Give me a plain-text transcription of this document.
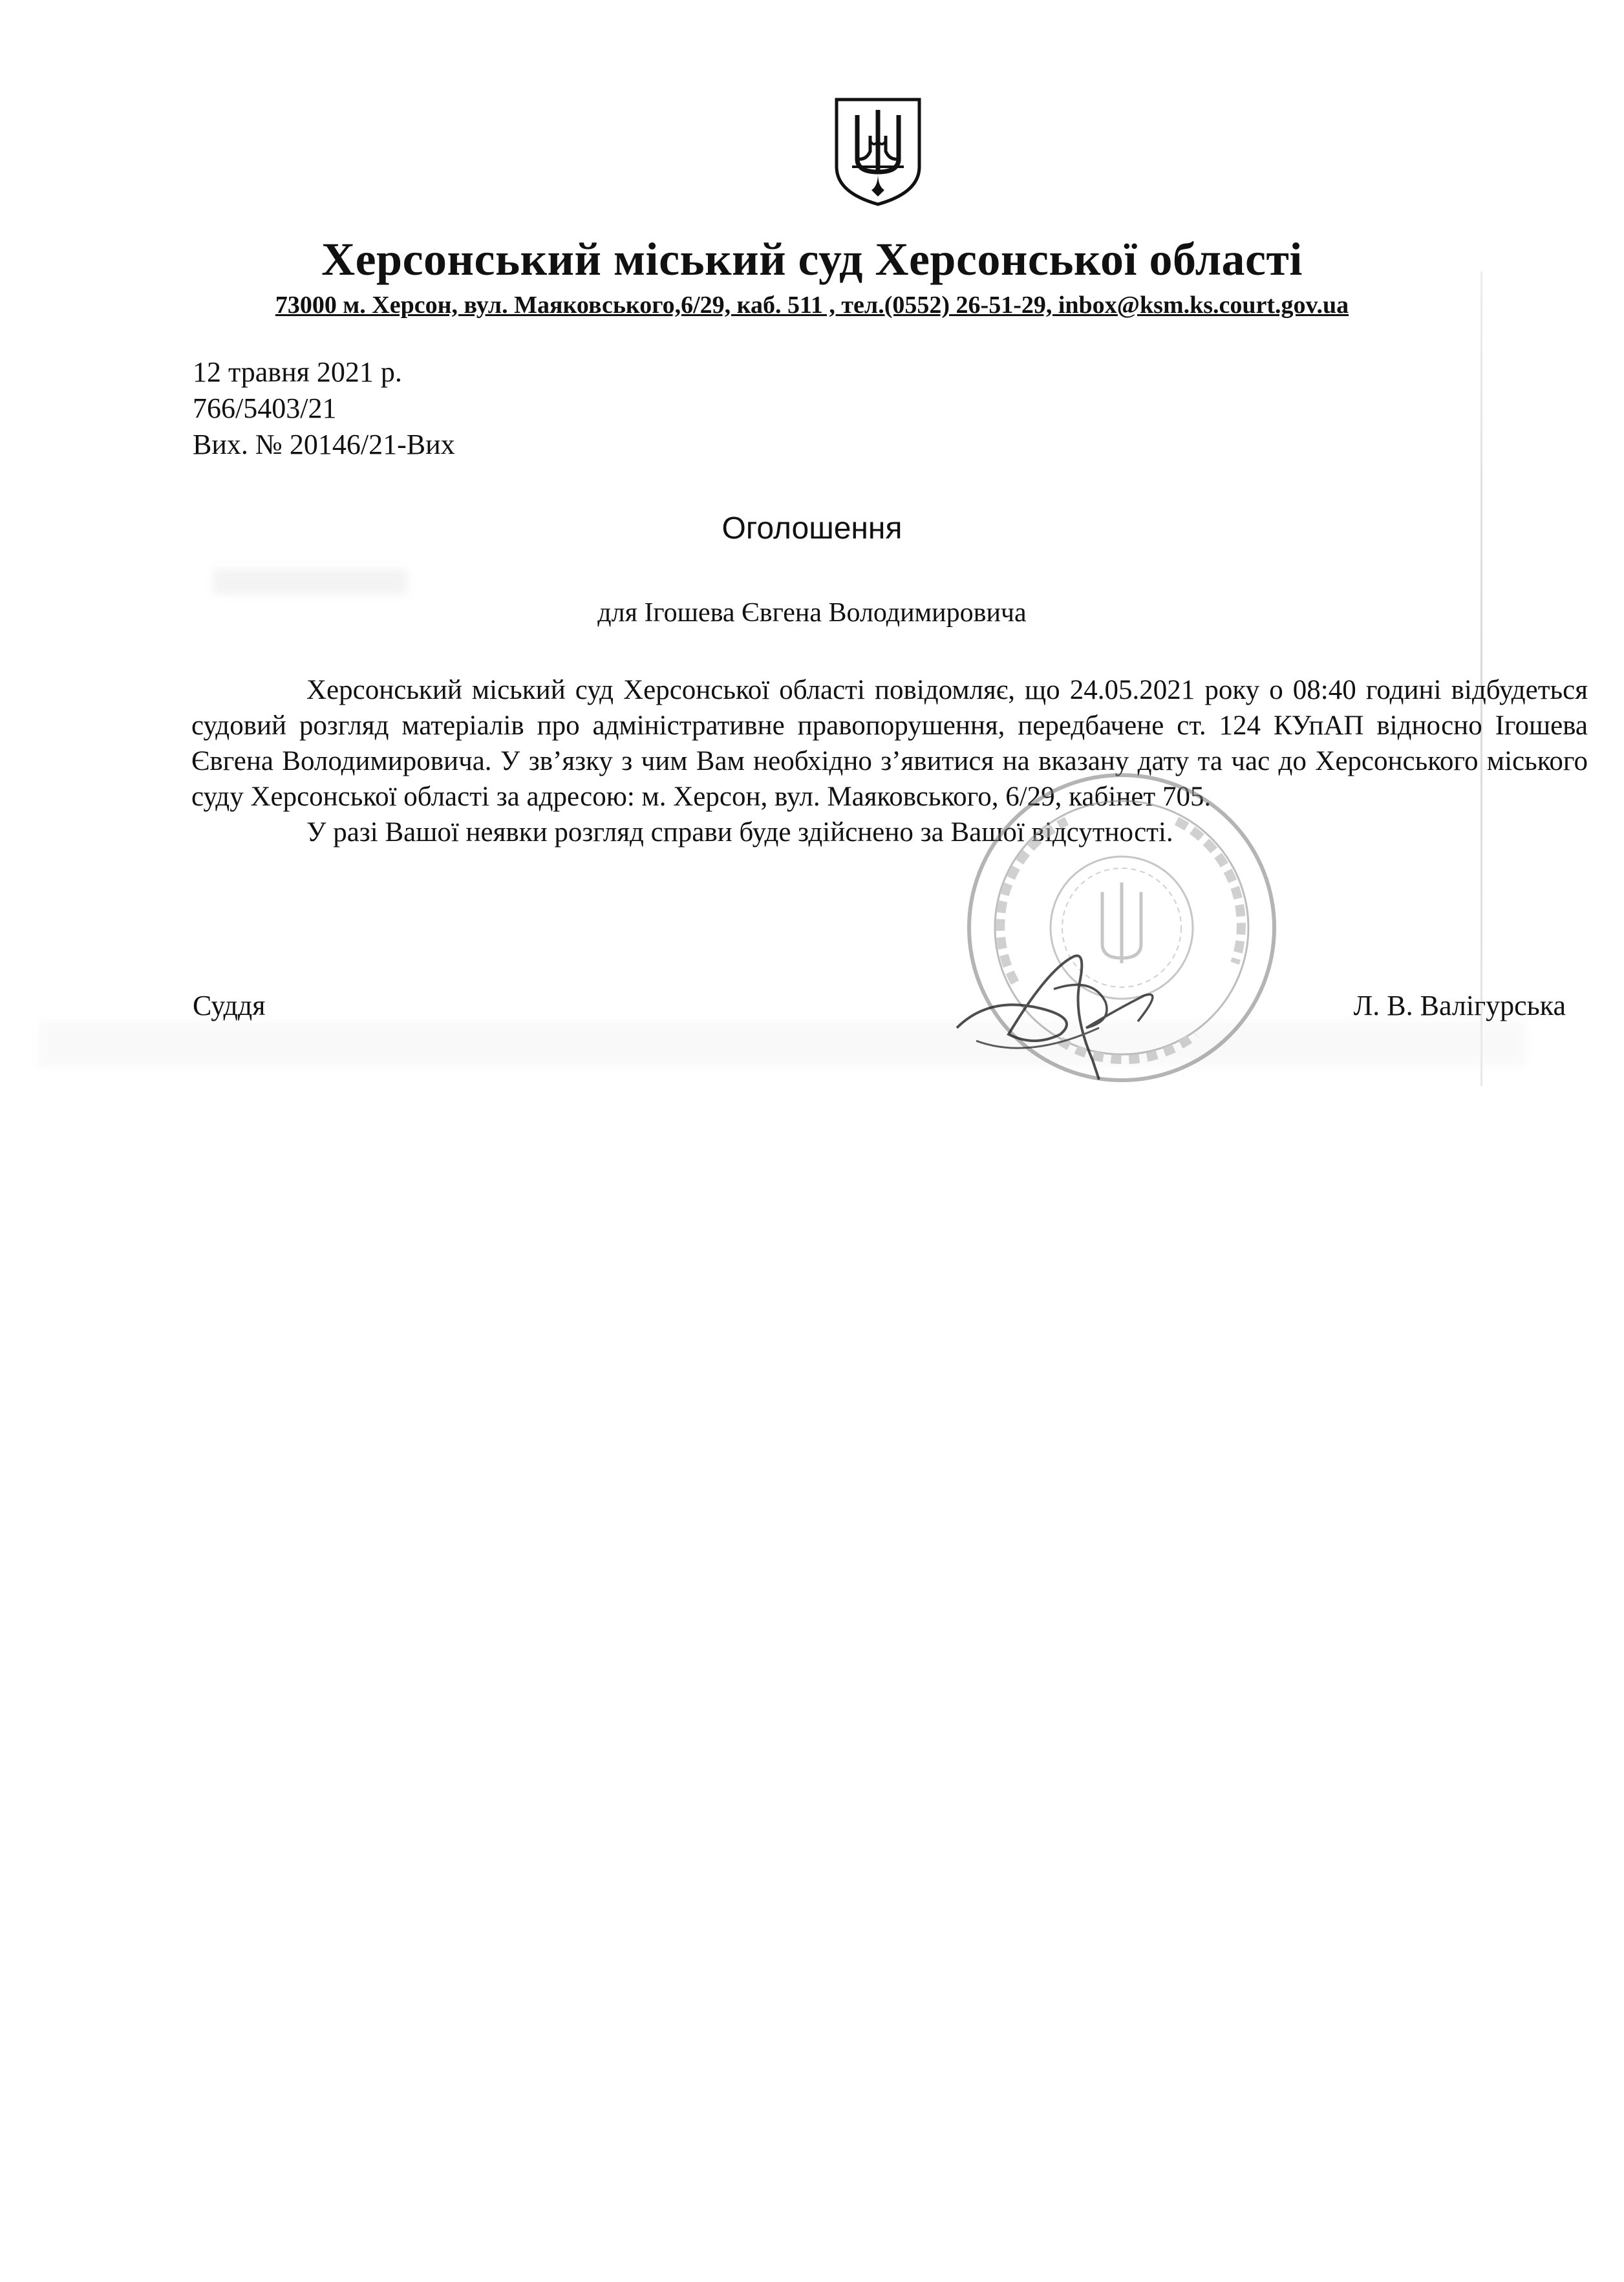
Херсонський міський суд Херсонської області
73000 м. Херсон, вул. Маяковського,6/29, каб. 511 , тел.(0552) 26-51-29, inbox@ksm.ks.court.gov.ua
12 травня 2021 р.
766/5403/21
Вих. № 20146/21-Вих
Оголошення
для Ігошева Євгена Володимировича

Херсонський міський суд Херсонської області повідомляє, що 24.05.2021 року о 08:40 годині відбудеться судовий розгляд матеріалів про адміністративне правопорушення, передбачене ст. 124 КУпАП відносно Ігошева Євгена Володимировича. У зв’язку з чим Вам необхідно з’явитися на вказану дату та час до Херсонського міського суду Херсонської області за адресою: м. Херсон, вул. Маяковського, 6/29, кабінет 705.

У разі Вашої неявки розгляд справи буде здійснено за Вашої відсутності.

Суддя	Л. В. Валігурська
